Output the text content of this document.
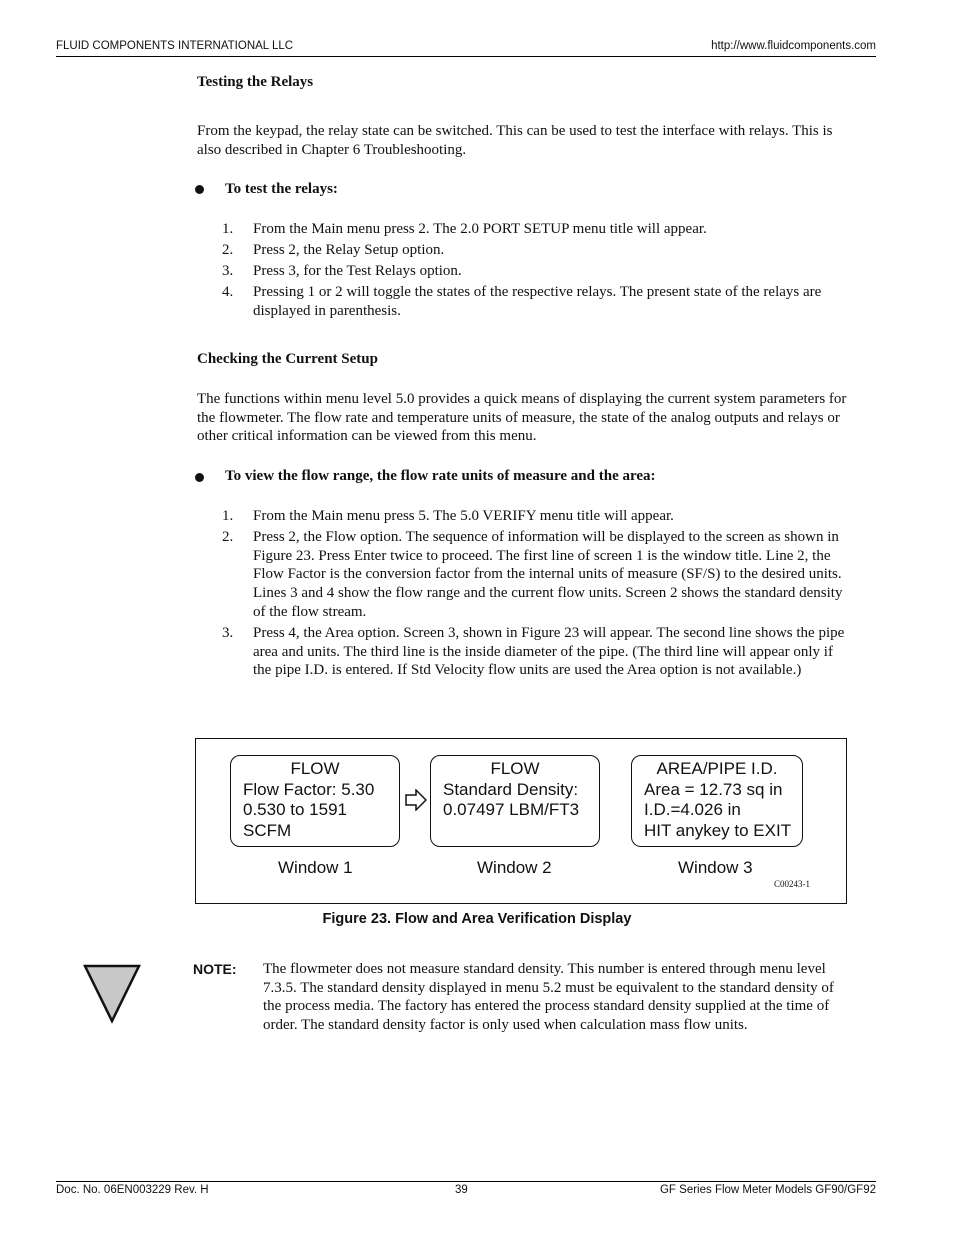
FLUID COMPONENTS INTERNATIONAL LLC	http://www.fluidcomponents.com
Testing the Relays

From the keypad, the relay state can be switched. This can be used to test the interface with relays. This is also described in Chapter 6 Troubleshooting.

To test the relays:
1.	From the Main menu press 2. The 2.0 PORT SETUP menu title will appear.
2.	Press 2, the Relay Setup option.
3.	Press 3, for the Test Relays option.
4.	Pressing 1 or 2 will toggle the states of the respective relays. The present state of the relays are displayed in parenthesis.
Checking the Current Setup

The functions within menu level 5.0 provides a quick means of displaying the current system parameters for the flowmeter. The flow rate and temperature units of measure, the state of the analog outputs and relays or other critical information can be viewed from this menu.

To view the flow range, the flow rate units of measure and the area:
1.	From the Main menu press 5. The 5.0 VERIFY menu title will appear.
2.	Press 2, the Flow option. The sequence of information will be displayed to the screen as shown in Figure 23. Press Enter twice to proceed. The first line of screen 1 is the window title. Line 2, the Flow Factor is the conversion factor from the internal units of measure (SF/S) to the desired units. Lines 3 and 4 show the flow range and the current flow units. Screen 2 shows the standard density of the flow stream.
3.	Press 4, the Area option. Screen 3, shown in Figure 23 will appear. The second line shows the pipe area and units. The third line is the inside diameter of the pipe. (The third line will appear only if the pipe I.D. is entered. If Std Velocity flow units are used the Area option is not available.)
FLOW
Flow Factor: 5.30
0.530 to 1591
SCFM
FLOW
Standard Density:
0.07497 LBM/FT3
AREA/PIPE I.D.
Area = 12.73 sq in
I.D.=4.026 in
HIT anykey to EXIT
Window 1	Window 2	Window 3
C00243-1
Figure 23. Flow and Area Verification Display
NOTE: The flowmeter does not measure standard density. This number is entered through menu level 7.3.5. The standard density displayed in menu 5.2 must be equivalent to the standard density of the process media. The factory has entered the process standard density supplied at the time of order. The standard density factor is only used when calculation mass flow units.

Doc. No. 06EN003229 Rev. H	39	GF Series Flow Meter Models GF90/GF92
